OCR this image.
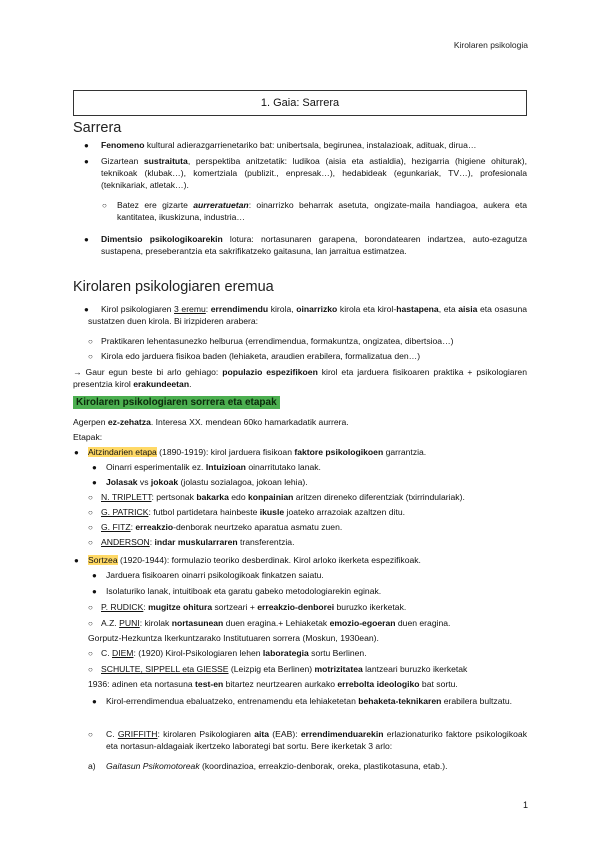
Kirolaren psikologia
1. Gaia: Sarrera
Sarrera
● Fenomeno kultural adierazgarrienetariko bat: unibertsala, begirunea, instalazioak, adituak, dirua…
● Gizartean sustraituta, perspektiba anitzetatik: ludikoa (aisia eta astialdia), hezigarria (higiene ohiturak), teknikoak (klubak…), komertziala (publizit., enpresak…), hedabideak (egunkariak, TV…), profesionala (teknikariak, atletak…).
○ Batez ere gizarte aurreratuetan: oinarrizko beharrak asetuta, ongizate-maila handiagoa, aukera eta kantitatea, ikuskizuna, industria…
● Dimentsio psikologikoarekin lotura: nortasunaren garapena, borondatearen indartzea, auto-ezagutza sustapena, preseberantzia eta sakrifikatzeko gaitasuna, lan jarraitua estimatzea.
Kirolaren psikologiaren eremua
●	Kirol psikologiaren 3 eremu: errendimendu kirola, oinarrizko kirola eta kirol-hastapena, eta aisia eta osasuna sustatzen duen kirola. Bi irizpideren arabera:
○ Praktikaren lehentasunezko helburua (errendimendua, formakuntza, ongizatea, dibertsioa…)
○ Kirola edo jarduera fisikoa baden (lehiaketa, araudien erabilera, formalizatua den…)
→ Gaur egun beste bi arlo gehiago: populazio espezifikoen kirol eta jarduera fisikoaren praktika + psikologiaren presentzia kirol erakundeetan.
Kirolaren psikologiaren sorrera eta etapak
Agerpen ez-zehatza. Interesa XX. mendean 60ko hamarkadatik aurrera.
Etapak:
● Aitzindarien etapa (1890-1919): kirol jarduera fisikoan faktore psikologikoen garrantzia.
● Oinarri esperimentalik ez. Intuizioan oinarritutako lanak.
● Jolasak vs jokoak (jolastu sozialagoa, jokoan lehia).
○ N. TRIPLETT: pertsonak bakarka edo konpainian aritzen direneko diferentziak (txirrindulariak).
○ G. PATRICK: futbol partidetara hainbeste ikusle joateko arrazoiak azaltzen ditu.
○ G. FITZ: erreakzio-denborak neurtzeko aparatua asmatu zuen.
○ ANDERSON: indar muskularraren transferentzia.
● Sortzea (1920-1944): formulazio teoriko desberdinak. Kirol arloko ikerketa espezifikoak.
● Jarduera fisikoaren oinarri psikologikoak finkatzen saiatu.
● Isolaturiko lanak, intuitiboak eta garatu gabeko metodologiarekin eginak.
○ P. RUDICK: mugitze ohitura sortzeari + erreakzio-denborei buruzko ikerketak.
○ A.Z. PUNI: kirolak nortasunean duen eragina.+ Lehiaketak emozio-egoeran duen eragina.
Gorputz-Hezkuntza Ikerkuntzarako Institutuaren sorrera (Moskun, 1930ean).
○ C. DIEM: (1920) Kirol-Psikologiaren lehen laborategia sortu Berlinen.
○ SCHULTE, SIPPELL eta GIESSE (Leizpig eta Berlinen) motrizitatea lantzeari buruzko ikerketak
1936: adinen eta nortasuna test-en bitartez neurtzearen aurkako errebolta ideologiko bat sortu.
● Kirol-errendimendua ebaluatzeko, entrenamendu eta lehiaketetan behaketa-teknikaren erabilera bultzatu.
○ C. GRIFFITH: kirolaren Psikologiaren aita (EAB): errendimenduarekin erlazionaturiko faktore psikologikoak eta nortasun-aldagaiak ikertzeko laborategi bat sortu. Bere ikerketak 3 arlo:
a) Gaitasun Psikomotoreak (koordinazioa, erreakzio-denborak, oreka, plastikotasuna, etab.).
1
